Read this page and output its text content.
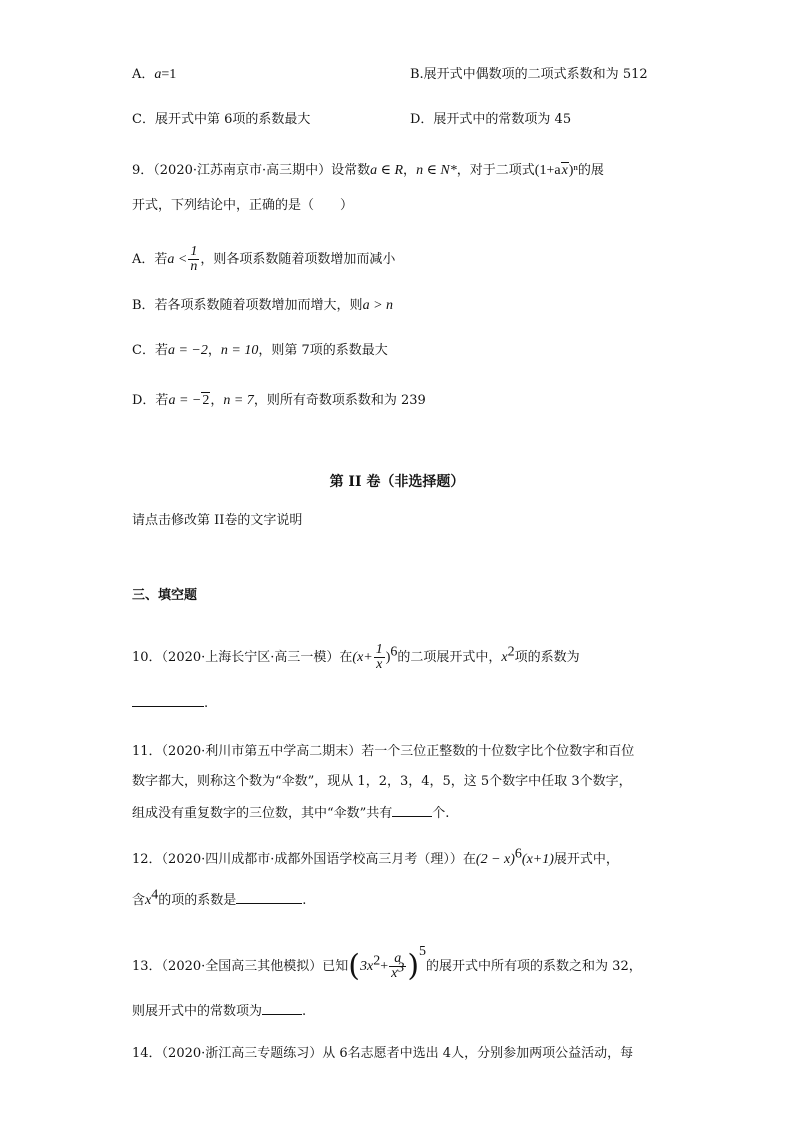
A．a=1	B.展开式中偶数项的二项式系数和为 512
C．展开式中第 6项的系数最大	D．展开式中的常数项为 45
9．（2020·江苏南京市·高三期中）设常数a ∈ R，n ∈ N*，对于二项式(1+ax)ⁿ的展
开式，下列结论中，正确的是（　　）
A．若$a < \frac{1}{n}$ ，则各项系数随着项数增加而减小
B．若各项系数随着项数增加而增大，则a > n
C．若a = −2，n = 10，则第 7项的系数最大
D．若a = −2，n = 7，则所有奇数项系数和为 239
第 II 卷（非选择题）
请点击修改第 II卷的文字说明
三、填空题
10．（2020·上海长宁区·高三一模）在$(x+ \frac{1}{x} )^6$的二项展开式中，$x^2$项的系数为
.
11．（2020·利川市第五中学高二期末）若一个三位正整数的十位数字比个位数字和百位
数字都大，则称这个数为“伞数”，现从 1，2，3，4，5，这 5个数字中任取 3个数字，
组成没有重复数字的三位数，其中“伞数”共有	个.
12．（2020·四川成都市·成都外国语学校高三月考（理））在$(2 - x)^6(x+1)$展开式中，
含$x^4$的项的系数是	.
13．（2020·全国高三其他模拟）已知$(3x^2+ \frac{a}{x^3} )^5$的展开式中所有项的系数之和为 32，
则展开式中的常数项为	.
14．（2020·浙江高三专题练习）从 6名志愿者中选出 4人，分别参加两项公益活动，每
